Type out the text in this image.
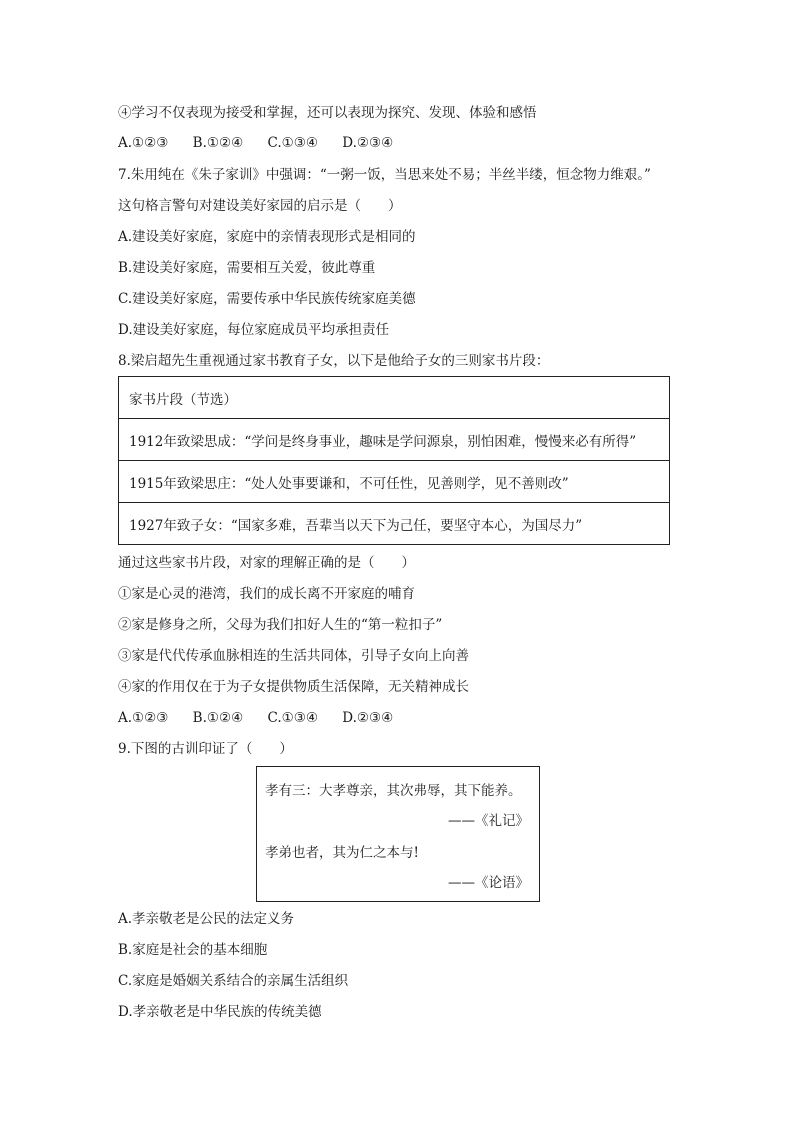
④学习不仅表现为接受和掌握，还可以表现为探究、发现、体验和感悟
A.①②③ B.①②④ C.①③④ D.②③④
7.朱用纯在《朱子家训》中强调：“一粥一饭，当思来处不易；半丝半缕，恒念物力维艰。”
这句格言警句对建设美好家园的启示是（　　）
A.建设美好家庭，家庭中的亲情表现形式是相同的
B.建设美好家庭，需要相互关爱，彼此尊重
C.建设美好家庭，需要传承中华民族传统家庭美德
D.建设美好家庭，每位家庭成员平均承担责任
8.梁启超先生重视通过家书教育子女，以下是他给子女的三则家书片段：
家书片段（节选）
1912年致梁思成：“学问是终身事业，趣味是学问源泉，别怕困难，慢慢来必有所得”
1915年致梁思庄：“处人处事要谦和，不可任性，见善则学，见不善则改”
1927年致子女：“国家多难，吾辈当以天下为己任，要坚守本心，为国尽力”
通过这些家书片段，对家的理解正确的是（　　）
①家是心灵的港湾，我们的成长离不开家庭的哺育
②家是修身之所，父母为我们扣好人生的“第一粒扣子”
③家是代代传承血脉相连的生活共同体，引导子女向上向善
④家的作用仅在于为子女提供物质生活保障，无关精神成长
A.①②③ B.①②④ C.①③④ D.②③④
9.下图的古训印证了（　　）
孝有三：大孝尊亲，其次弗辱，其下能养。
——《礼记》
孝弟也者，其为仁之本与!
——《论语》
A.孝亲敬老是公民的法定义务
B.家庭是社会的基本细胞
C.家庭是婚姻关系结合的亲属生活组织
D.孝亲敬老是中华民族的传统美德
